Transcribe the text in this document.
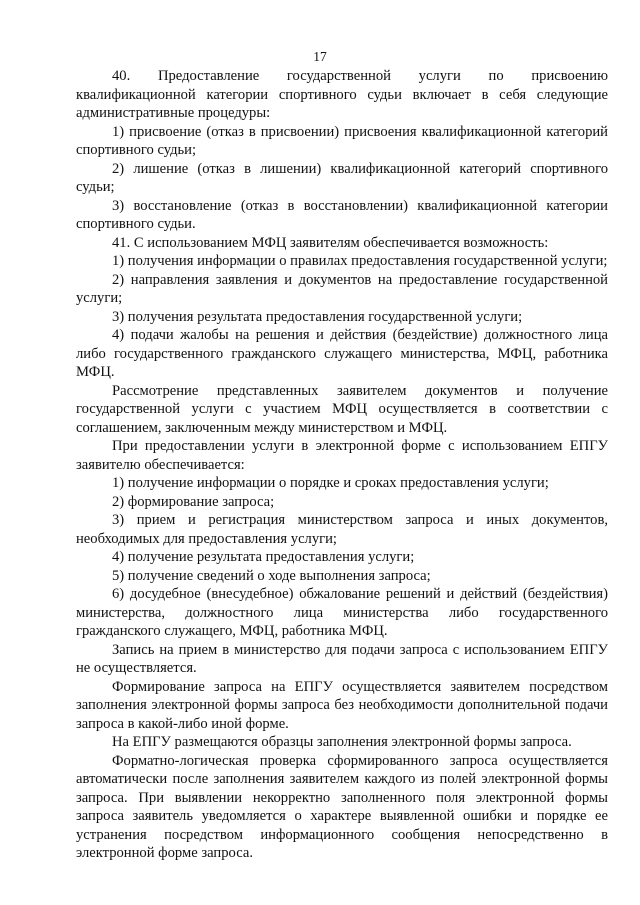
17

40. Предоставление государственной услуги по присвоению квалификационной категории спортивного судьи включает в себя следующие административные процедуры:

1) присвоение (отказ в присвоении) присвоения квалификационной категорий спортивного судьи;

2) лишение (отказ в лишении) квалификационной категорий спортивного судьи;

3) восстановление (отказ в восстановлении) квалификационной категории спортивного судьи.

41. С использованием МФЦ заявителям обеспечивается возможность:

1) получения информации о правилах предоставления государственной услуги;

2) направления заявления и документов на предоставление государственной услуги;

3) получения результата предоставления государственной услуги;

4) подачи жалобы на решения и действия (бездействие) должностного лица либо государственного гражданского служащего министерства, МФЦ, работника МФЦ.

Рассмотрение представленных заявителем документов и получение государственной услуги с участием МФЦ осуществляется в соответствии с соглашением, заключенным между министерством и МФЦ.

При предоставлении услуги в электронной форме с использованием ЕПГУ заявителю обеспечивается:

1) получение информации о порядке и сроках предоставления услуги;

2) формирование запроса;

3) прием и регистрация министерством запроса и иных документов, необходимых для предоставления услуги;

4) получение результата предоставления услуги;

5) получение сведений о ходе выполнения запроса;

6) досудебное (внесудебное) обжалование решений и действий (бездействия) министерства, должностного лица министерства либо государственного гражданского служащего, МФЦ, работника МФЦ.

Запись на прием в министерство для подачи запроса с использованием ЕПГУ не осуществляется.

Формирование запроса на ЕПГУ осуществляется заявителем посредством заполнения электронной формы запроса без необходимости дополнительной подачи запроса в какой-либо иной форме.

На ЕПГУ размещаются образцы заполнения электронной формы запроса.

Форматно-логическая проверка сформированного запроса осуществляется автоматически после заполнения заявителем каждого из полей электронной формы запроса. При выявлении некорректно заполненного поля электронной формы запроса заявитель уведомляется о характере выявленной ошибки и порядке ее устранения посредством информационного сообщения непосредственно в электронной форме запроса.
